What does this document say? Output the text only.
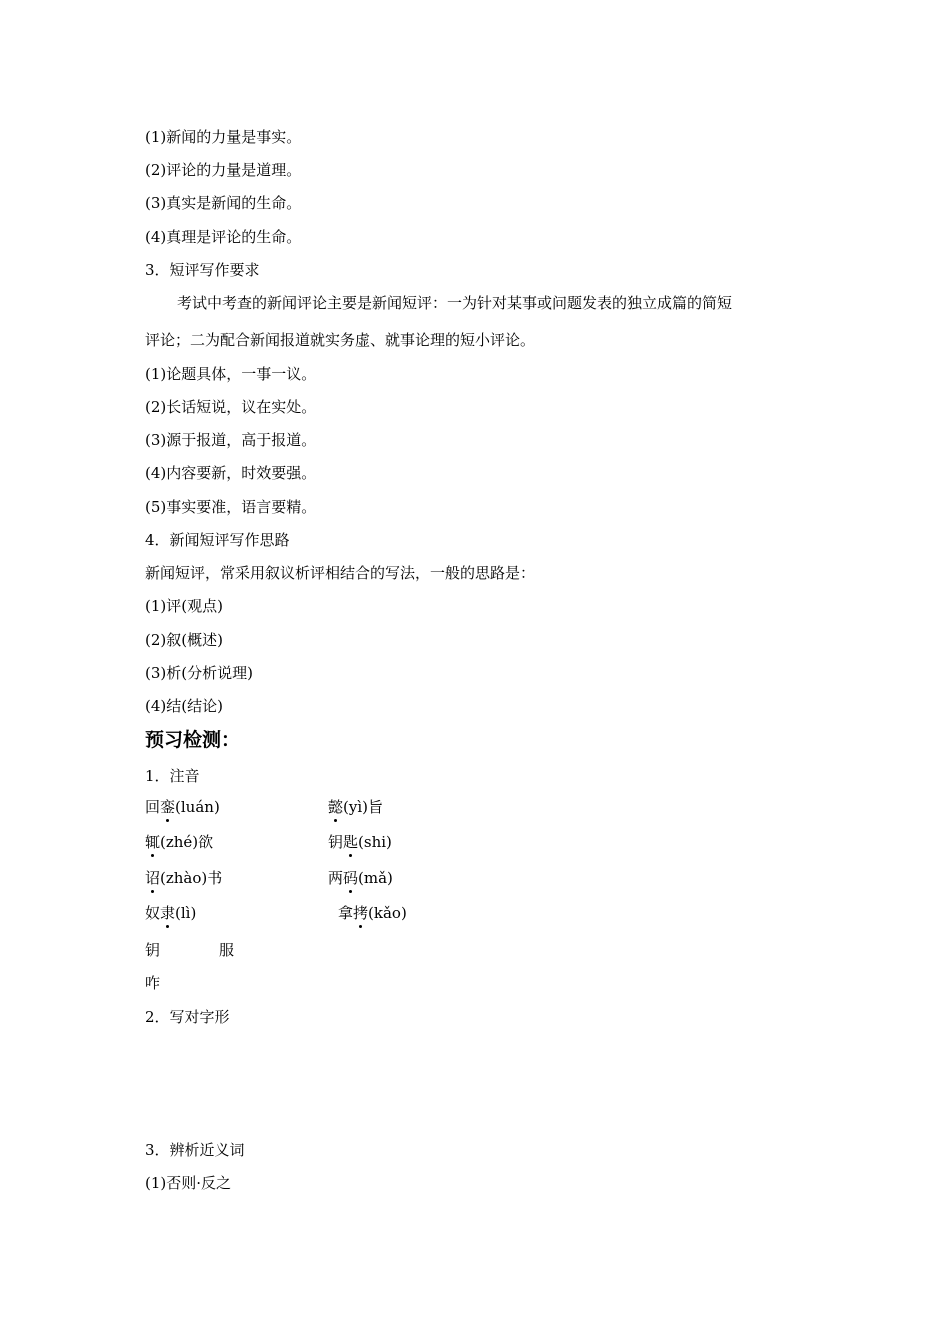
(1)新闻的力量是事实。
(2)评论的力量是道理。
(3)真实是新闻的生命。
(4)真理是评论的生命。
3．短评写作要求
考试中考查的新闻评论主要是新闻短评：一为针对某事或问题发表的独立成篇的简短
评论；二为配合新闻报道就实务虚、就事论理的短小评论。
(1)论题具体，一事一议。
(2)长话短说，议在实处。
(3)源于报道，高于报道。
(4)内容要新，时效要强。
(5)事实要准，语言要精。
4．新闻短评写作思路
新闻短评，常采用叙议析评相结合的写法，一般的思路是：
(1)评(观点)
(2)叙(概述)
(3)析(分析说理)
(4)结(结论)
预习检测：
1．注音
回銮(luán)	懿(yì)旨
辄(zhé)欲	钥匙(shi)
诏(zhào)书	两码(mǎ)
奴隶(lì)	拿拷(kǎo)
钥	服
咋
2．写对字形
3．辨析近义词
(1)否则·反之
